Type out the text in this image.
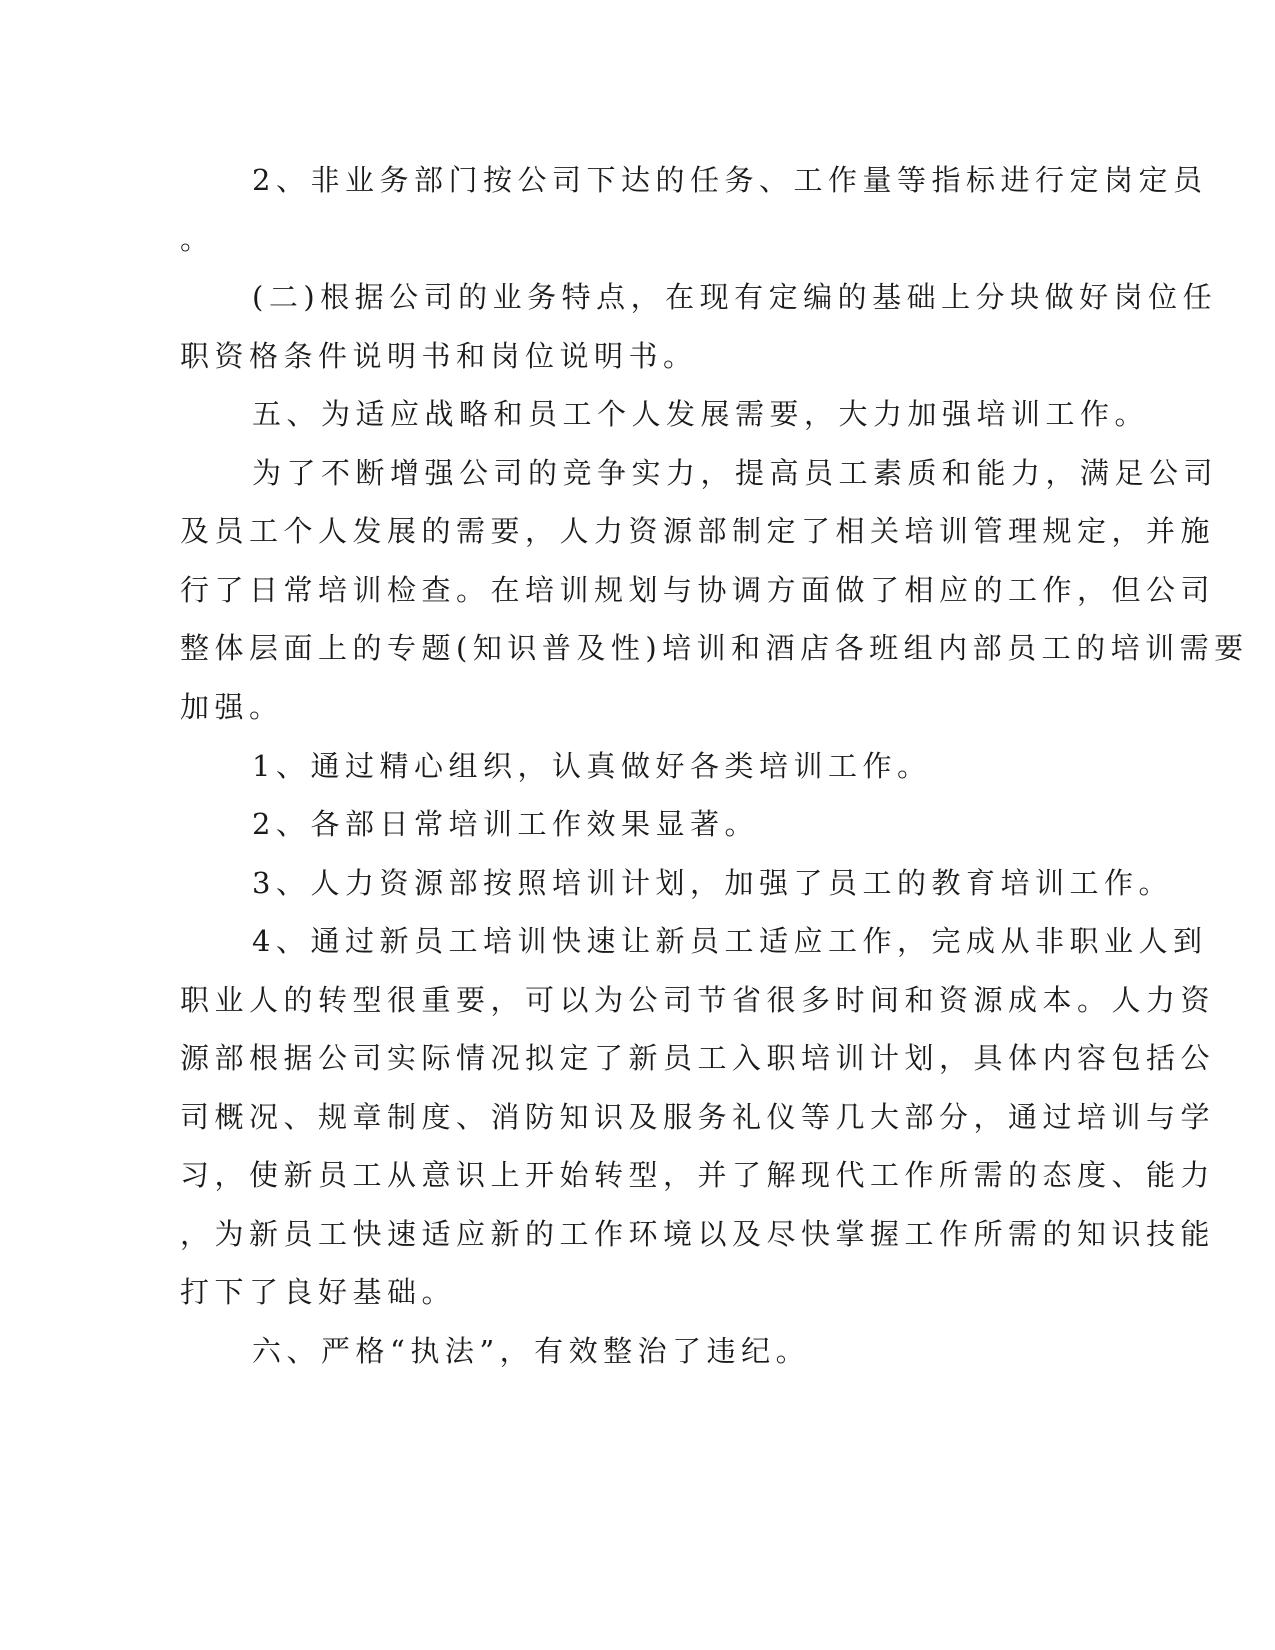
2、非业务部门按公司下达的任务、工作量等指标进行定岗定员
。
(二)根据公司的业务特点，在现有定编的基础上分块做好岗位任
职资格条件说明书和岗位说明书。
五、为适应战略和员工个人发展需要，大力加强培训工作。
为了不断增强公司的竞争实力，提高员工素质和能力，满足公司
及员工个人发展的需要，人力资源部制定了相关培训管理规定，并施
行了日常培训检查。在培训规划与协调方面做了相应的工作，但公司
整体层面上的专题(知识普及性)培训和酒店各班组内部员工的培训需要
加强。
1、通过精心组织，认真做好各类培训工作。
2、各部日常培训工作效果显著。
3、人力资源部按照培训计划，加强了员工的教育培训工作。
4、通过新员工培训快速让新员工适应工作，完成从非职业人到
职业人的转型很重要，可以为公司节省很多时间和资源成本。人力资
源部根据公司实际情况拟定了新员工入职培训计划，具体内容包括公
司概况、规章制度、消防知识及服务礼仪等几大部分，通过培训与学
习，使新员工从意识上开始转型，并了解现代工作所需的态度、能力
，为新员工快速适应新的工作环境以及尽快掌握工作所需的知识技能
打下了良好基础。
六、严格“执法”，有效整治了违纪。
